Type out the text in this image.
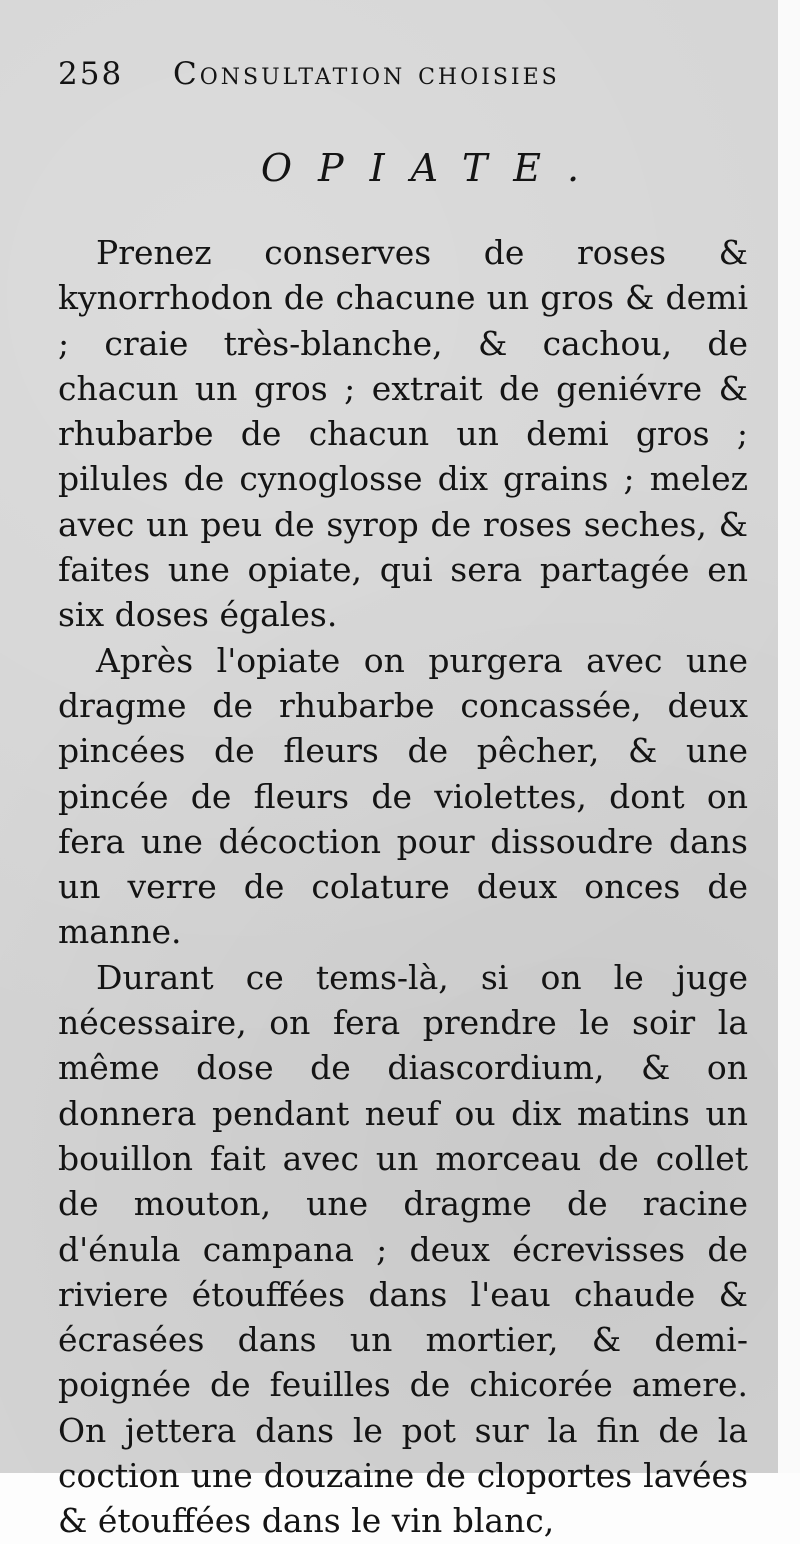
258 Consultation choisies
OPIATE.

Prenez conserves de roses & kynorrhodon de chacune un gros & demi ; craie très-blanche, & cachou, de chacun un gros ; extrait de geniévre & rhubarbe de chacun un demi gros ; pilules de cynoglosse dix grains ; melez avec un peu de syrop de roses seches, & faites une opiate, qui sera partagée en six doses égales.

Après l'opiate on purgera avec une dragme de rhubarbe concassée, deux pincées de fleurs de pêcher, & une pincée de fleurs de violettes, dont on fera une décoction pour dissoudre dans un verre de colature deux onces de manne.

Durant ce tems-là, si on le juge nécessaire, on fera prendre le soir la même dose de diascordium, & on donnera pendant neuf ou dix matins un bouillon fait avec un morceau de collet de mouton, une dragme de racine d'énula campana ; deux écrevisses de riviere étouffées dans l'eau chaude & écrasées dans un mortier, & demi-poignée de feuilles de chicorée amere. On jettera dans le pot sur la fin de la coction une douzaine de cloportes lavées & étouffées dans le vin blanc,
